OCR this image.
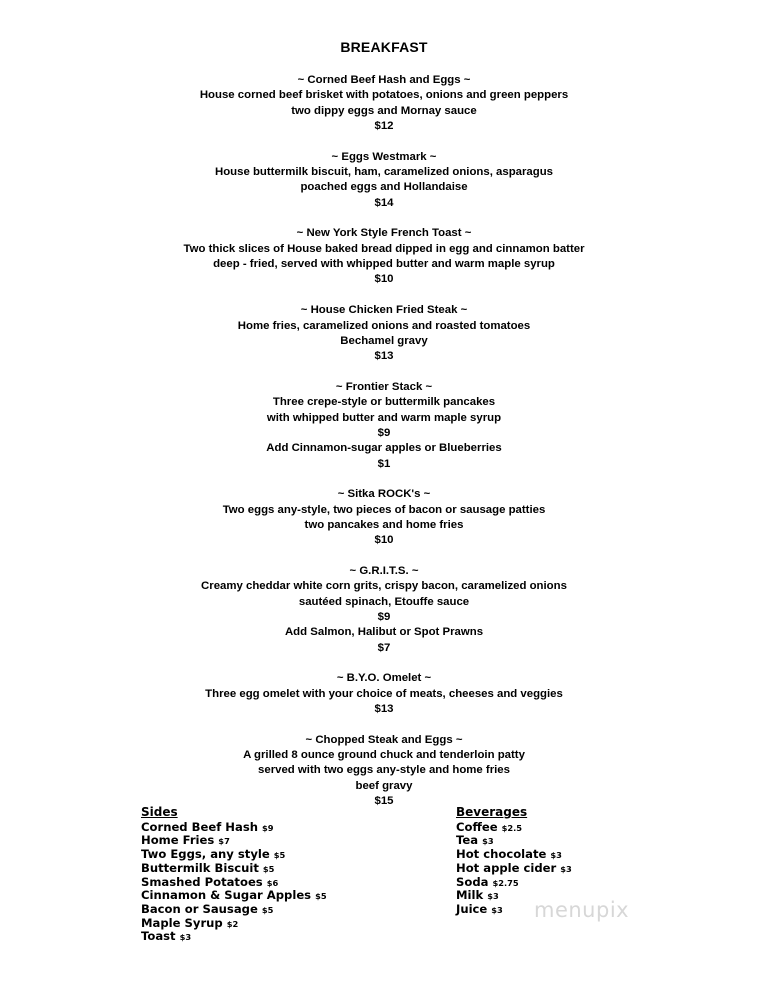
BREAKFAST
~ Corned Beef Hash and Eggs ~
House corned beef brisket with potatoes, onions and green peppers
two dippy eggs and Mornay sauce
$12
~ Eggs Westmark ~
House buttermilk biscuit, ham, caramelized onions, asparagus
poached eggs and Hollandaise
$14
~ New York Style French Toast ~
Two thick slices of House baked bread dipped in egg and cinnamon batter
deep - fried, served with whipped butter and warm maple syrup
$10
~ House Chicken Fried Steak ~
Home fries, caramelized onions and roasted tomatoes
Bechamel gravy
$13
~ Frontier Stack ~
Three crepe-style or buttermilk pancakes
with whipped butter and warm maple syrup
$9
Add Cinnamon-sugar apples or Blueberries
$1
~ Sitka ROCK's ~
Two eggs any-style, two pieces of bacon or sausage patties
two pancakes and home fries
$10
~ G.R.I.T.S. ~
Creamy cheddar white corn grits, crispy bacon, caramelized onions
sautéed spinach, Etouffe sauce
$9
Add Salmon, Halibut or Spot Prawns
$7
~ B.Y.O. Omelet ~
Three egg omelet with your choice of meats, cheeses and veggies
$13
~ Chopped Steak and Eggs ~
A grilled 8 ounce ground chuck and tenderloin patty
served with two eggs any-style and home fries
beef gravy
$15
Sides
Corned Beef Hash $9
Home Fries $7
Two Eggs, any style $5
Buttermilk Biscuit $5
Smashed Potatoes $6
Cinnamon & Sugar Apples $5
Bacon or Sausage $5
Maple Syrup $2
Toast $3
Beverages
Coffee $2.5
Tea $3
Hot chocolate $3
Hot apple cider $3
Soda $2.75
Milk $3
Juice $3	menupix
